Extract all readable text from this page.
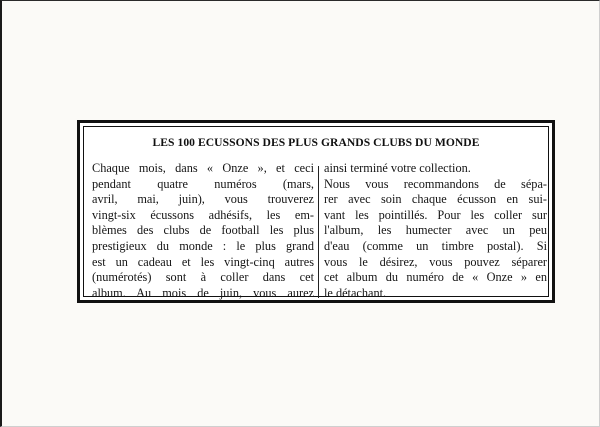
LES 100 ECUSSONS DES PLUS GRANDS CLUBS DU MONDE
Chaque mois, dans « Onze », et ceci
pendant quatre numéros (mars,
avril, mai, juin), vous trouverez
vingt-six écussons adhésifs, les em-
blèmes des clubs de football les plus
prestigieux du monde : le plus grand
est un cadeau et les vingt-cinq autres
(numérotés) sont à coller dans cet
album. Au mois de juin, vous aurez
ainsi terminé votre collection.
Nous vous recommandons de sépa-
rer avec soin chaque écusson en sui-
vant les pointillés. Pour les coller sur
l'album, les humecter avec un peu
d'eau (comme un timbre postal). Si
vous le désirez, vous pouvez séparer
cet album du numéro de « Onze » en
le détachant.
